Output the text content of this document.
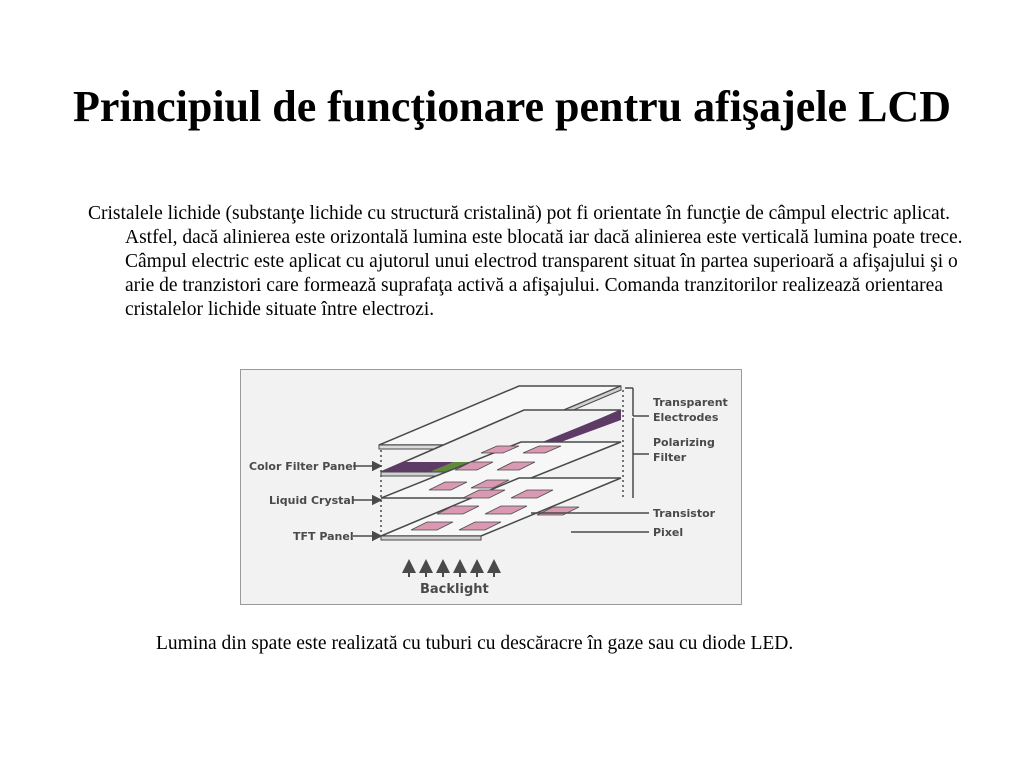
Principiul de funcţionare pentru afişajele LCD

Cristalele lichide (substanţe lichide cu structură cristalină) pot fi orientate în funcţie de câmpul electric aplicat. Astfel, dacă alinierea este orizontală lumina este blocată iar dacă alinierea este verticală lumina poate trece. Câmpul electric este aplicat cu ajutorul unui electrod transparent situat în partea superioară a afişajului şi o arie de tranzistori care formează suprafaţa activă a afişajului. Comanda tranzitorilor realizează orientarea cristalelor lichide situate între electrozi.

Color Filter Panel
Liquid Crystal
TFT Panel
Transparent
Electrodes
Polarizing
Filter
Transistor
Pixel
Backlight

Lumina din spate este realizată cu tuburi cu descăracre în gaze sau cu diode LED.
